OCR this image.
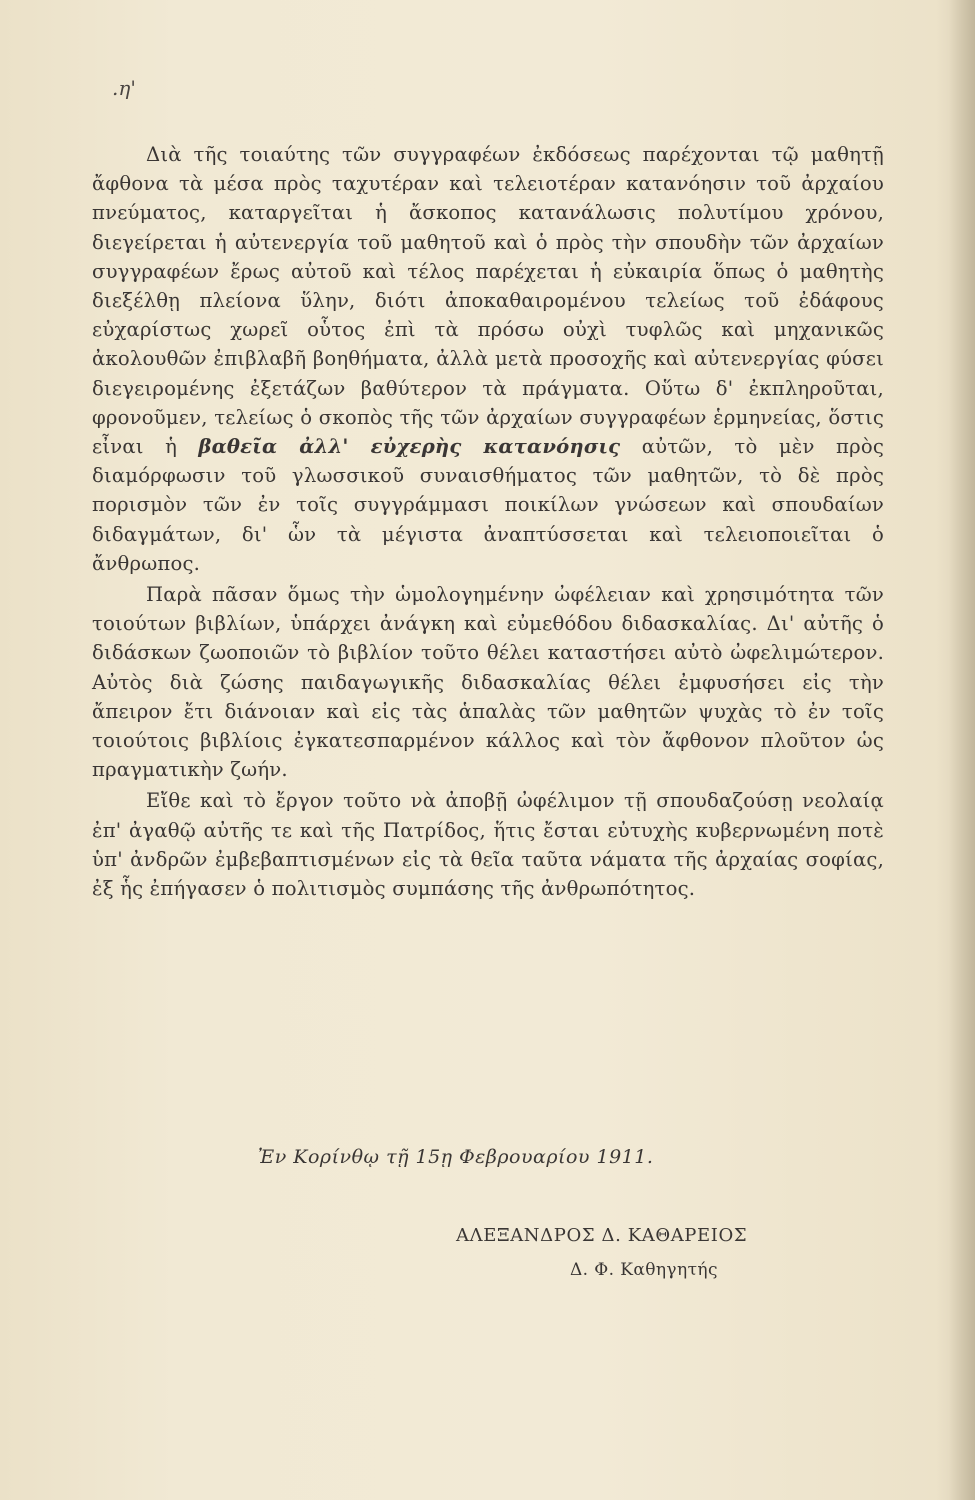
.η'

Διὰ τῆς τοιαύτης τῶν συγγραφέων ἐκδόσεως παρέχονται τῷ μαθητῇ ἄφθονα τὰ μέσα πρὸς ταχυτέραν καὶ τελειοτέραν κατανόησιν τοῦ ἀρχαίου πνεύματος, καταργεῖται ἡ ἄσκοπος κατανάλωσις πολυτίμου χρόνου, διεγείρεται ἡ αὐτενεργία τοῦ μαθητοῦ καὶ ὁ πρὸς τὴν σπουδὴν τῶν ἀρχαίων συγγραφέων ἔρως αὐτοῦ καὶ τέλος παρέχεται ἡ εὐκαιρία ὅπως ὁ μαθητὴς διεξέλθῃ πλείονα ὕλην, διότι ἀποκαθαιρομένου τελείως τοῦ ἐδάφους εὐχαρίστως χωρεῖ οὗτος ἐπὶ τὰ πρόσω οὐχὶ τυφλῶς καὶ μηχανικῶς ἀκολουθῶν ἐπιβλαβῆ βοηθήματα, ἀλλὰ μετὰ προσοχῆς καὶ αὐτενεργίας φύσει διεγειρομένης ἐξετάζων βαθύτερον τὰ πράγματα. Οὕτω δ' ἐκπληροῦται, φρονοῦμεν, τελείως ὁ σκοπὸς τῆς τῶν ἀρχαίων συγγραφέων ἑρμηνείας, ὅστις εἶναι ἡ βαθεῖα ἀλλ' εὐχερὴς κατανόησις αὐτῶν, τὸ μὲν πρὸς διαμόρφωσιν τοῦ γλωσσικοῦ συναισθήματος τῶν μαθητῶν, τὸ δὲ πρὸς πορισμὸν τῶν ἐν τοῖς συγγράμμασι ποικίλων γνώσεων καὶ σπουδαίων διδαγμάτων, δι' ὧν τὰ μέγιστα ἀναπτύσσεται καὶ τελειοποιεῖται ὁ ἄνθρωπος.

Παρὰ πᾶσαν ὅμως τὴν ὡμολογημένην ὠφέλειαν καὶ χρησιμότητα τῶν τοιούτων βιβλίων, ὑπάρχει ἀνάγκη καὶ εὐμεθόδου διδασκαλίας. Δι' αὐτῆς ὁ διδάσκων ζωοποιῶν τὸ βιβλίον τοῦτο θέλει καταστήσει αὐτὸ ὠφελιμώτερον. Αὐτὸς διὰ ζώσης παιδαγωγικῆς διδασκαλίας θέλει ἐμφυσήσει εἰς τὴν ἄπειρον ἔτι διάνοιαν καὶ εἰς τὰς ἁπαλὰς τῶν μαθητῶν ψυχὰς τὸ ἐν τοῖς τοιούτοις βιβλίοις ἐγκατεσπαρμένον κάλλος καὶ τὸν ἄφθονον πλοῦτον ὡς πραγματικὴν ζωήν.

Εἴθε καὶ τὸ ἔργον τοῦτο νὰ ἀποβῇ ὠφέλιμον τῇ σπουδαζούσῃ νεολαίᾳ ἐπ' ἀγαθῷ αὐτῆς τε καὶ τῆς Πατρίδος, ἥτις ἔσται εὐτυχὴς κυβερνωμένη ποτὲ ὑπ' ἀνδρῶν ἐμβεβαπτισμένων εἰς τὰ θεῖα ταῦτα νάματα τῆς ἀρχαίας σοφίας, ἐξ ἧς ἐπήγασεν ὁ πολιτισμὸς συμπάσης τῆς ἀνθρωπότητος.

Ἐν Κορίνθῳ τῇ 15ῃ Φεβρουαρίου 1911.
ΑΛΕΞΑΝΔΡΟΣ Δ. ΚΑΘΑΡΕΙΟΣ
Δ. Φ. Καθηγητής
